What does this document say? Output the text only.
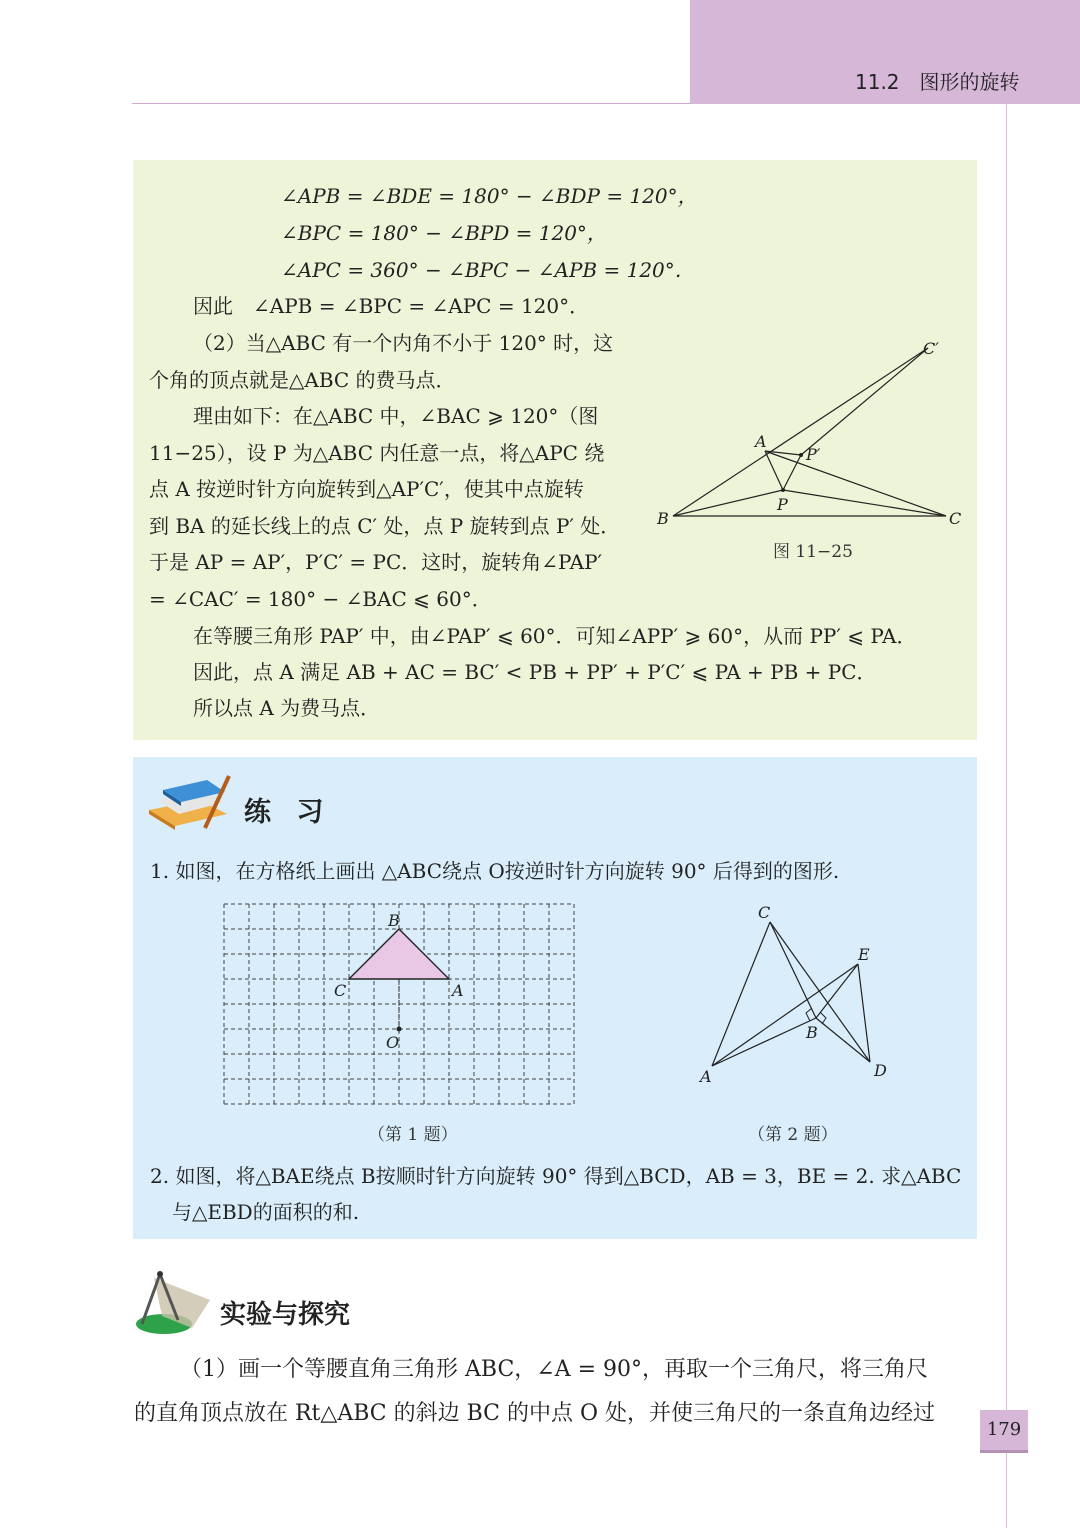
11.2　图形的旋转
∠APB = ∠BDE = 180° − ∠BDP = 120°，
∠BPC = 180° − ∠BPD = 120°，
∠APC = 360° − ∠BPC − ∠APB = 120°．
因此　∠APB = ∠BPC = ∠APC = 120°．
（2）当△ABC 有一个内角不小于 120° 时，这
个角的顶点就是△ABC 的费马点．
理由如下：在△ABC 中，∠BAC ⩾ 120°（图
11−25），设 P 为△ABC 内任意一点，将△APC 绕
点 A 按逆时针方向旋转到△AP′C′，使其中点旋转
到 BA 的延长线上的点 C′ 处，点 P 旋转到点 P′ 处．
于是 AP = AP′，P′C′ = PC．这时，旋转角∠PAP′
= ∠CAC′ = 180° − ∠BAC ⩽ 60°．
在等腰三角形 PAP′ 中，由∠PAP′ ⩽ 60°．可知∠APP′ ⩾ 60°，从而 PP′ ⩽ PA．
因此，点 A 满足 AB + AC = BC′ < PB + PP′ + P′C′ ⩽ PA + PB + PC．
所以点 A 为费马点．
B	C
A
C′
P
P′
图 11−25
练 习
1. 如图，在方格纸上画出 △ABC绕点 O按逆时针方向旋转 90° 后得到的图形.
B
C	A
O
（第 1 题）
C
E
B
A	D
（第 2 题）
2. 如图，将△BAE绕点 B按顺时针方向旋转 90° 得到△BCD，AB = 3，BE = 2. 求△ABC
与△EBD的面积的和.
实验与探究
（1）画一个等腰直角三角形 ABC，∠A = 90°，再取一个三角尺，将三角尺
的直角顶点放在 Rt△ABC 的斜边 BC 的中点 O 处，并使三角尺的一条直角边经过
179
